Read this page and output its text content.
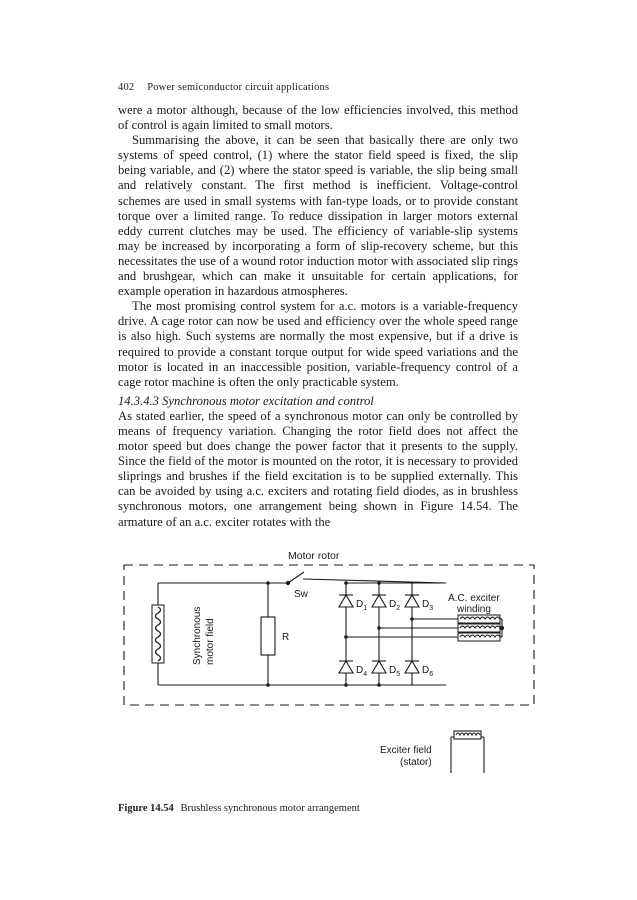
402 Power semiconductor circuit applications

were a motor although, because of the low efficiencies involved, this method of control is again limited to small motors.

Summarising the above, it can be seen that basically there are only two systems of speed control, (1) where the stator field speed is fixed, the slip being variable, and (2) where the stator speed is variable, the slip being small and relatively constant. The first method is inefficient. Voltage-control schemes are used in small systems with fan-type loads, or to provide constant torque over a limited range. To reduce dissipation in larger motors external eddy current clutches may be used. The efficiency of variable-slip systems may be increased by incorporating a form of slip-recovery scheme, but this necessitates the use of a wound rotor induction motor with associated slip rings and brushgear, which can make it unsuitable for certain applications, for example operation in hazardous atmospheres.

The most promising control system for a.c. motors is a variable-frequency drive. A cage rotor can now be used and efficiency over the whole speed range is also high. Such systems are normally the most expensive, but if a drive is required to provide a constant torque output for wide speed variations and the motor is located in an inaccessible position, variable-frequency control of a cage rotor machine is often the only practicable system.

14.3.4.3 Synchronous motor excitation and control

As stated earlier, the speed of a synchronous motor can only be controlled by means of frequency variation. Changing the rotor field does not affect the motor speed but does change the power factor that it presents to the supply. Since the field of the motor is mounted on the rotor, it is necessary to provided sliprings and brushes if the field excitation is to be supplied externally. This can be avoided by using a.c. exciters and rotating field diodes, as in brushless synchronous motors, one arrangement being shown in Figure 14.54. The armature of an a.c. exciter rotates with the

Motor rotor
Sw
R
Synchronous motor field
$D_1$ $D_2$ $D_3$
$D_4$ $D_5$ $D_6$
A.C. exciter
winding
Exciter field
(stator)
Figure 14.54 Brushless synchronous motor arrangement
